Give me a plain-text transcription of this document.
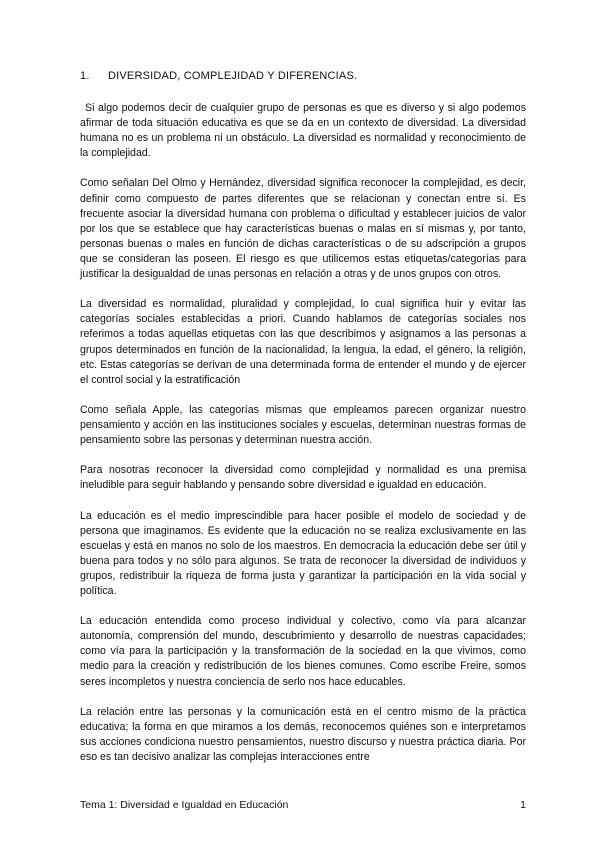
1. DIVERSIDAD, COMPLEJIDAD Y DIFERENCIAS.

Si algo podemos decir de cualquier grupo de personas es que es diverso y si algo podemos afirmar de toda situación educativa es que se da en un contexto de diversidad. La diversidad humana no es un problema ni un obstáculo. La diversidad es normalidad y reconocimiento de la complejidad.

Como señalan Del Olmo y Hernández, diversidad significa reconocer la complejidad, es decir, definir como compuesto de partes diferentes que se relacionan y conectan entre sí. Es frecuente asociar la diversidad humana con problema o dificultad y establecer juicios de valor por los que se establece que hay características buenas o malas en sí mismas y, por tanto, personas buenas o males en función de dichas características o de su adscripción a grupos que se consideran las poseen. El riesgo es que utilicemos estas etiquetas/categorías para justificar la desigualdad de unas personas en relación a otras y de unos grupos con otros.

La diversidad es normalidad, pluralidad y complejidad, lo cual significa huir y evitar las categorías sociales establecidas a priori. Cuando hablamos de categorías sociales nos referimos a todas aquellas etiquetas con las que describimos y asignamos a las personas a grupos determinados en función de la nacionalidad, la lengua, la edad, el género, la religión, etc. Estas categorías se derivan de una determinada forma de entender el mundo y de ejercer el control social y la estratificación

Como señala Apple, las categorías mismas que empleamos parecen organizar nuestro pensamiento y acción en las instituciones sociales y escuelas, determinan nuestras formas de pensamiento sobre las personas y determinan nuestra acción.

Para nosotras reconocer la diversidad como complejidad y normalidad es una premisa ineludible para seguir hablando y pensando sobre diversidad e igualdad en educación.

La educación es el medio imprescindible para hacer posible el modelo de sociedad y de persona que imaginamos. Es evidente que la educación no se realiza exclusivamente en las escuelas y está en manos no solo de los maestros. En democracia la educación debe ser útil y buena para todos y no sólo para algunos. Se trata de reconocer la diversidad de individuos y grupos, redistribuir la riqueza de forma justa y garantizar la participación en la vida social y política.

La educación entendida como proceso individual y colectivo, como vía para alcanzar autonomía, comprensión del mundo, descubrimiento y desarrollo de nuestras capacidades; como vía para la participación y la transformación de la sociedad en la que vivimos, como medio para la creación y redistribución de los bienes comunes. Como escribe Freire, somos seres incompletos y nuestra conciencia de serlo nos hace educables.

La relación entre las personas y la comunicación está en el centro mismo de la práctica educativa; la forma en que miramos a los demás, reconocemos quiénes son e interpretamos sus acciones condiciona nuestro pensamientos, nuestro discurso y nuestra práctica diaria. Por eso es tan decisivo analizar las complejas interacciones entre

Tema 1: Diversidad e Igualdad en Educación	1
